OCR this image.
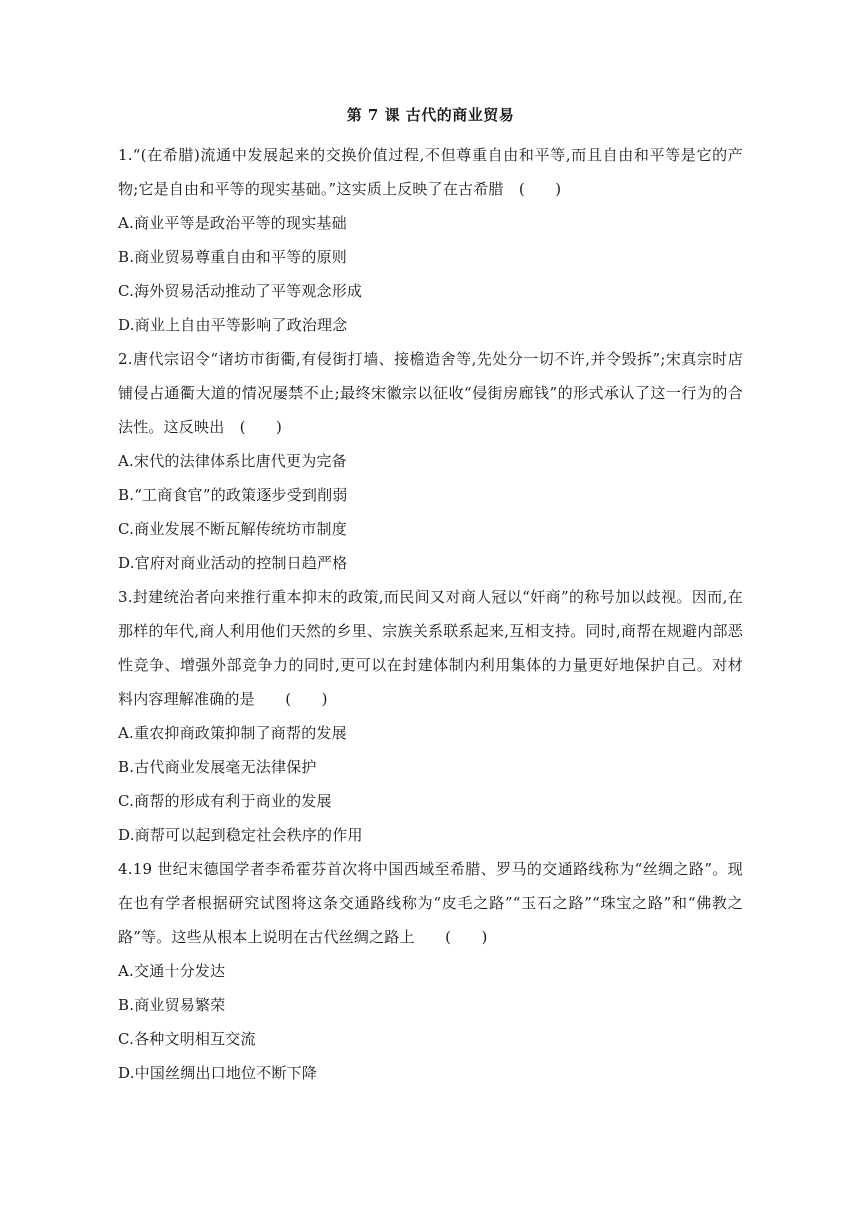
第 7 课 古代的商业贸易

1.“(在希腊)流通中发展起来的交换价值过程,不但尊重自由和平等,而且自由和平等是它的产物;它是自由和平等的现实基础。”这实质上反映了在古希腊　(　　)

A.商业平等是政治平等的现实基础

B.商业贸易尊重自由和平等的原则

C.海外贸易活动推动了平等观念形成

D.商业上自由平等影响了政治理念

2.唐代宗诏令“诸坊市街衢,有侵街打墙、接檐造舍等,先处分一切不许,并令毁拆”;宋真宗时店铺侵占通衢大道的情况屡禁不止;最终宋徽宗以征收“侵街房廊钱”的形式承认了这一行为的合法性。这反映出　(　　)

A.宋代的法律体系比唐代更为完备

B.“工商食官”的政策逐步受到削弱

C.商业发展不断瓦解传统坊市制度

D.官府对商业活动的控制日趋严格

3.封建统治者向来推行重本抑末的政策,而民间又对商人冠以“奸商”的称号加以歧视。因而,在那样的年代,商人利用他们天然的乡里、宗族关系联系起来,互相支持。同时,商帮在规避内部恶性竞争、增强外部竞争力的同时,更可以在封建体制内利用集体的力量更好地保护自己。对材料内容理解准确的是　　(　　)

A.重农抑商政策抑制了商帮的发展

B.古代商业发展毫无法律保护

C.商帮的形成有利于商业的发展

D.商帮可以起到稳定社会秩序的作用

4.19 世纪末德国学者李希霍芬首次将中国西域至希腊、罗马的交通路线称为“丝绸之路”。现在也有学者根据研究试图将这条交通路线称为“皮毛之路”“玉石之路”“珠宝之路”和“佛教之路”等。这些从根本上说明在古代丝绸之路上　　(　　)

A.交通十分发达

B.商业贸易繁荣

C.各种文明相互交流

D.中国丝绸出口地位不断下降
